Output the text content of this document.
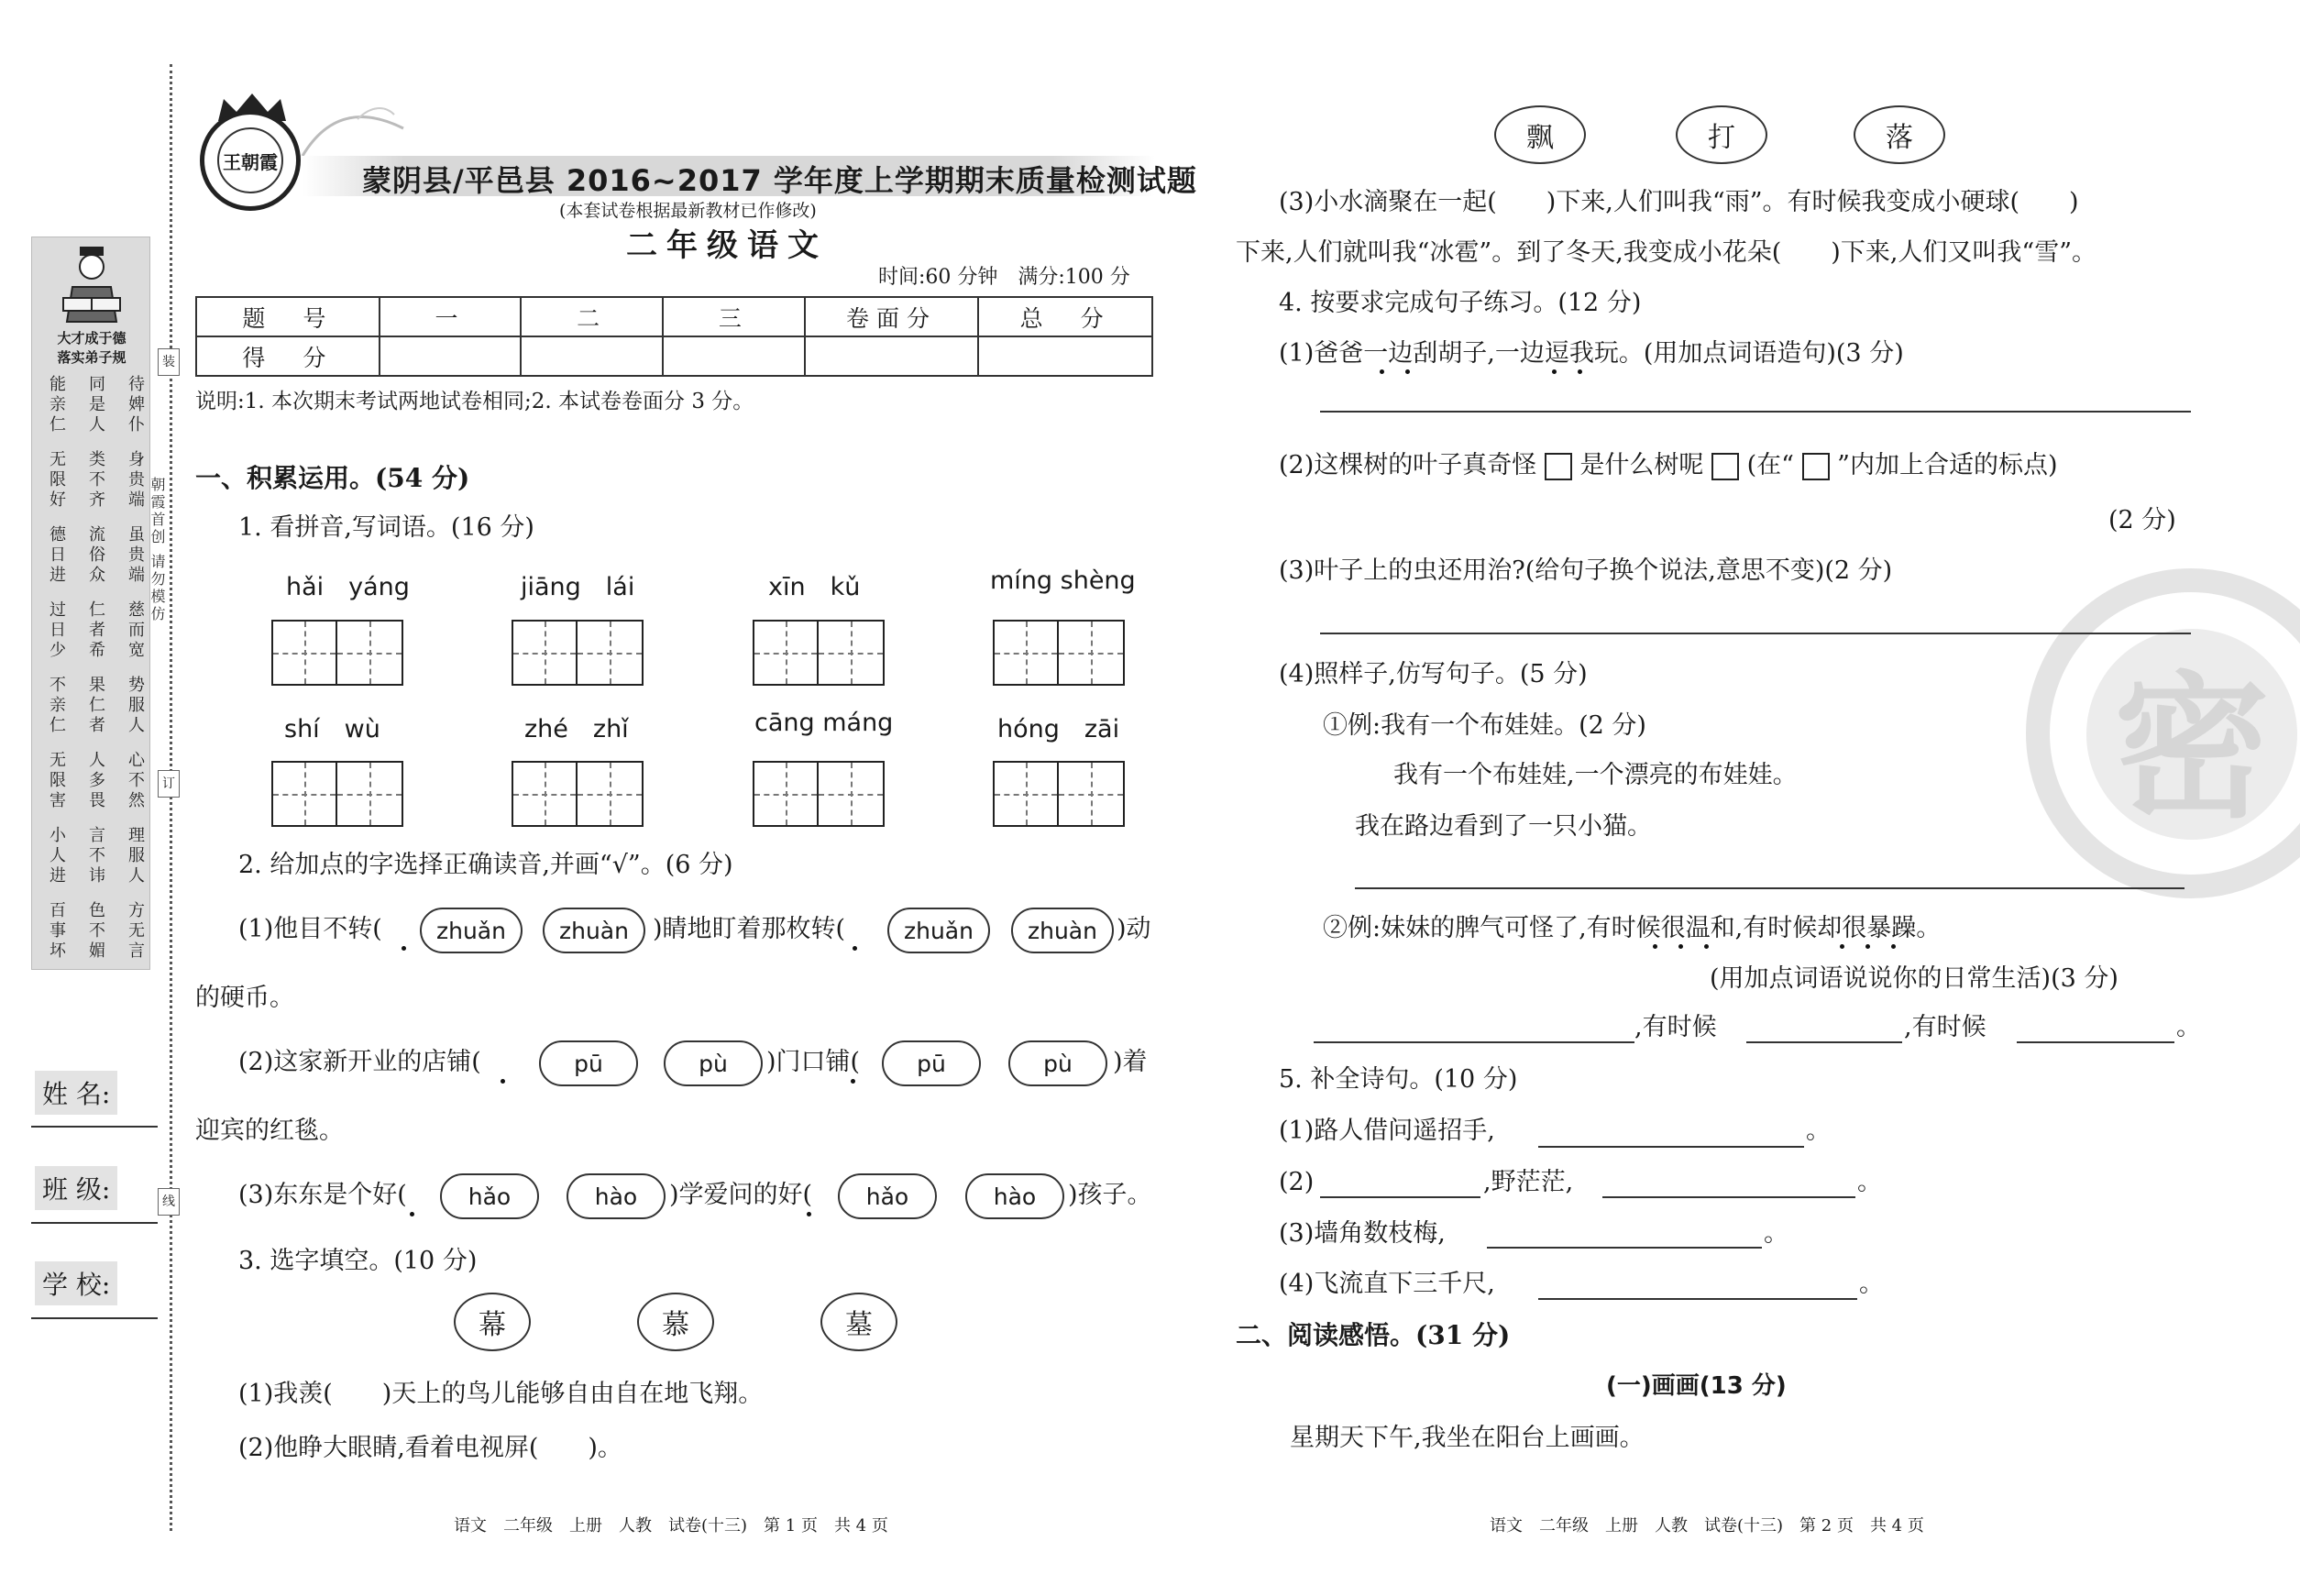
大才成于德
落实弟子规
能亲仁
无限好
德日进
过日少
不亲仁
无限害
小人进
百事坏
同是人
类不齐
流俗众
仁者希
果仁者
人多畏
言不讳
色不媚
待婢仆
身贵端
虽贵端
慈而宽
势服人
心不然
理服人
方无言
装
订
线
朝霞首创 请勿模仿
姓 名:
班 级:
学 校:
王朝霞
蒙阴县/平邑县 2016~2017 学年度上学期期末质量检测试题
(本套试卷根据最新教材已作修改)
二年级语文
时间:60 分钟　满分:100 分
题　号	一	二	三	卷面分	总　分
得　分					
说明:1. 本次期末考试两地试卷相同;2. 本试卷卷面分 3 分。
一、积累运用。(54 分)
1. 看拼音,写词语。(16 分)
hǎi　yáng	jiāng　lái	xīn　kǔ	míng shèng
shí　wù	zhé　zhǐ	cāng máng	hóng　zāi
2. 给加点的字选择正确读音,并画“√”。(6 分)
(1)他目不转(	zhuǎn	zhuàn )睛地盯着那枚转(	zhuǎn	zhuàn )动
的硬币。
(2)这家新开业的店铺(	pū	pù	)门口铺(	pū	pù	)着
迎宾的红毯。
(3)东东是个好(	hǎo	hào	)学爱问的好(	hǎo	hào	)孩子。
3. 选字填空。(10 分)
幕	慕	墓
(1)我羡(　　)天上的鸟儿能够自由自在地飞翔。
(2)他睁大眼睛,看着电视屏(　　)。
语文　二年级　上册　人教　试卷(十三)　第 1 页　共 4 页
密
飘	打	落
(3)小水滴聚在一起(　　)下来,人们叫我“雨”。有时候我变成小硬球(　　)
下来,人们就叫我“冰雹”。到了冬天,我变成小花朵(　　)下来,人们又叫我“雪”。
4. 按要求完成句子练习。(12 分)
(1)爸爸一边刮胡子,一边逗我玩。(用加点词语造句)(3 分)
(2)这棵树的叶子真奇怪 是什么树呢 (在“ ”内加上合适的标点)
(2 分)
(3)叶子上的虫还用治?(给句子换个说法,意思不变)(2 分)
(4)照样子,仿写句子。(5 分)
①例:我有一个布娃娃。(2 分)
我有一个布娃娃,一个漂亮的布娃娃。
我在路边看到了一只小猫。
②例:妹妹的脾气可怪了,有时候很温和,有时候却很暴躁。
(用加点词语说说你的日常生活)(3 分)
,有时候	,有时候	。
5. 补全诗句。(10 分)
(1)路人借问遥招手,	。
(2)	,野茫茫,	。
(3)墙角数枝梅,	。
(4)飞流直下三千尺,	。
二、阅读感悟。(31 分)
(一)画画(13 分)
星期天下午,我坐在阳台上画画。
语文　二年级　上册　人教　试卷(十三)　第 2 页　共 4 页
